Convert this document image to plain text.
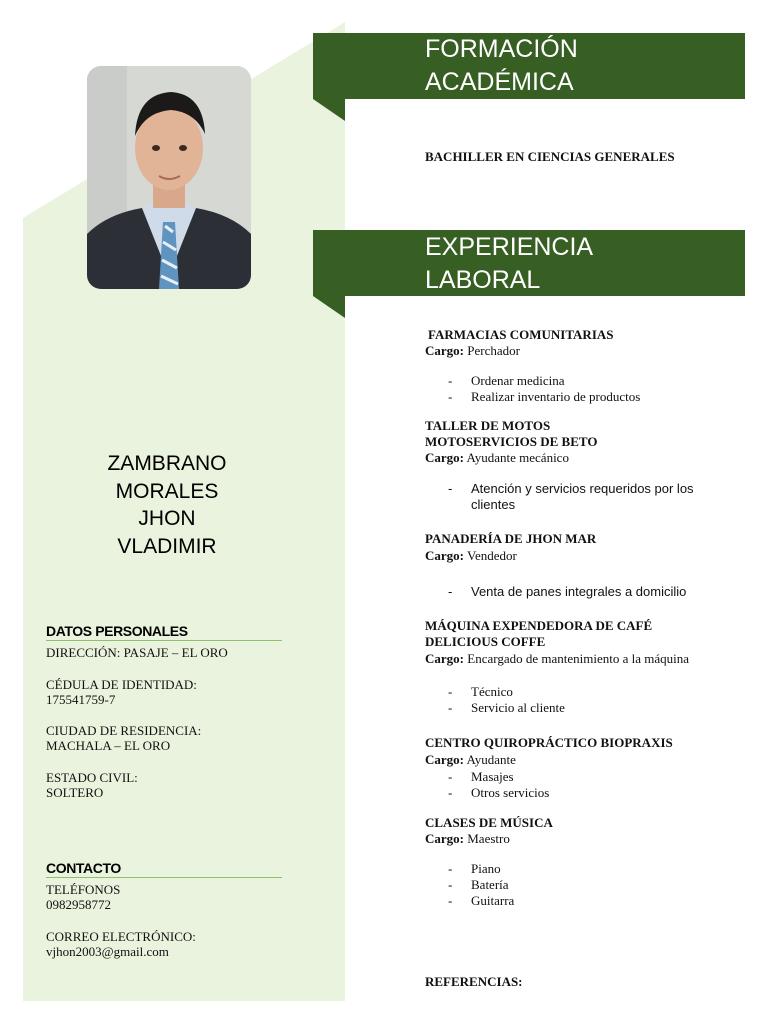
ZAMBRANO
MORALES
JHON
VLADIMIR
DATOS PERSONALES
DIRECCIÓN: PASAJE – EL ORO
CÉDULA DE IDENTIDAD:
175541759-7
CIUDAD DE RESIDENCIA:
MACHALA – EL ORO
ESTADO CIVIL:
SOLTERO
CONTACTO
TELÉFONOS
0982958772
CORREO ELECTRÓNICO:
vjhon2003@gmail.com
FORMACIÓN
ACADÉMICA
BACHILLER EN CIENCIAS GENERALES
EXPERIENCIA
LABORAL
FARMACIAS COMUNITARIAS
Cargo: Perchador
- Ordenar medicina
- Realizar inventario de productos
TALLER DE MOTOS
MOTOSERVICIOS DE BETO
Cargo: Ayudante mecánico
- Atención y servicios requeridos por los
clientes
PANADERÍA DE JHON MAR
Cargo: Vendedor
- Venta de panes integrales a domicilio
MÁQUINA EXPENDEDORA DE CAFÉ
DELICIOUS COFFE
Cargo: Encargado de mantenimiento a la máquina
- Técnico
- Servicio al cliente
CENTRO QUIROPRÁCTICO BIOPRAXIS
Cargo: Ayudante
- Masajes
- Otros servicios
CLASES DE MÚSICA
Cargo: Maestro
- Piano
- Batería
- Guitarra
REFERENCIAS:
